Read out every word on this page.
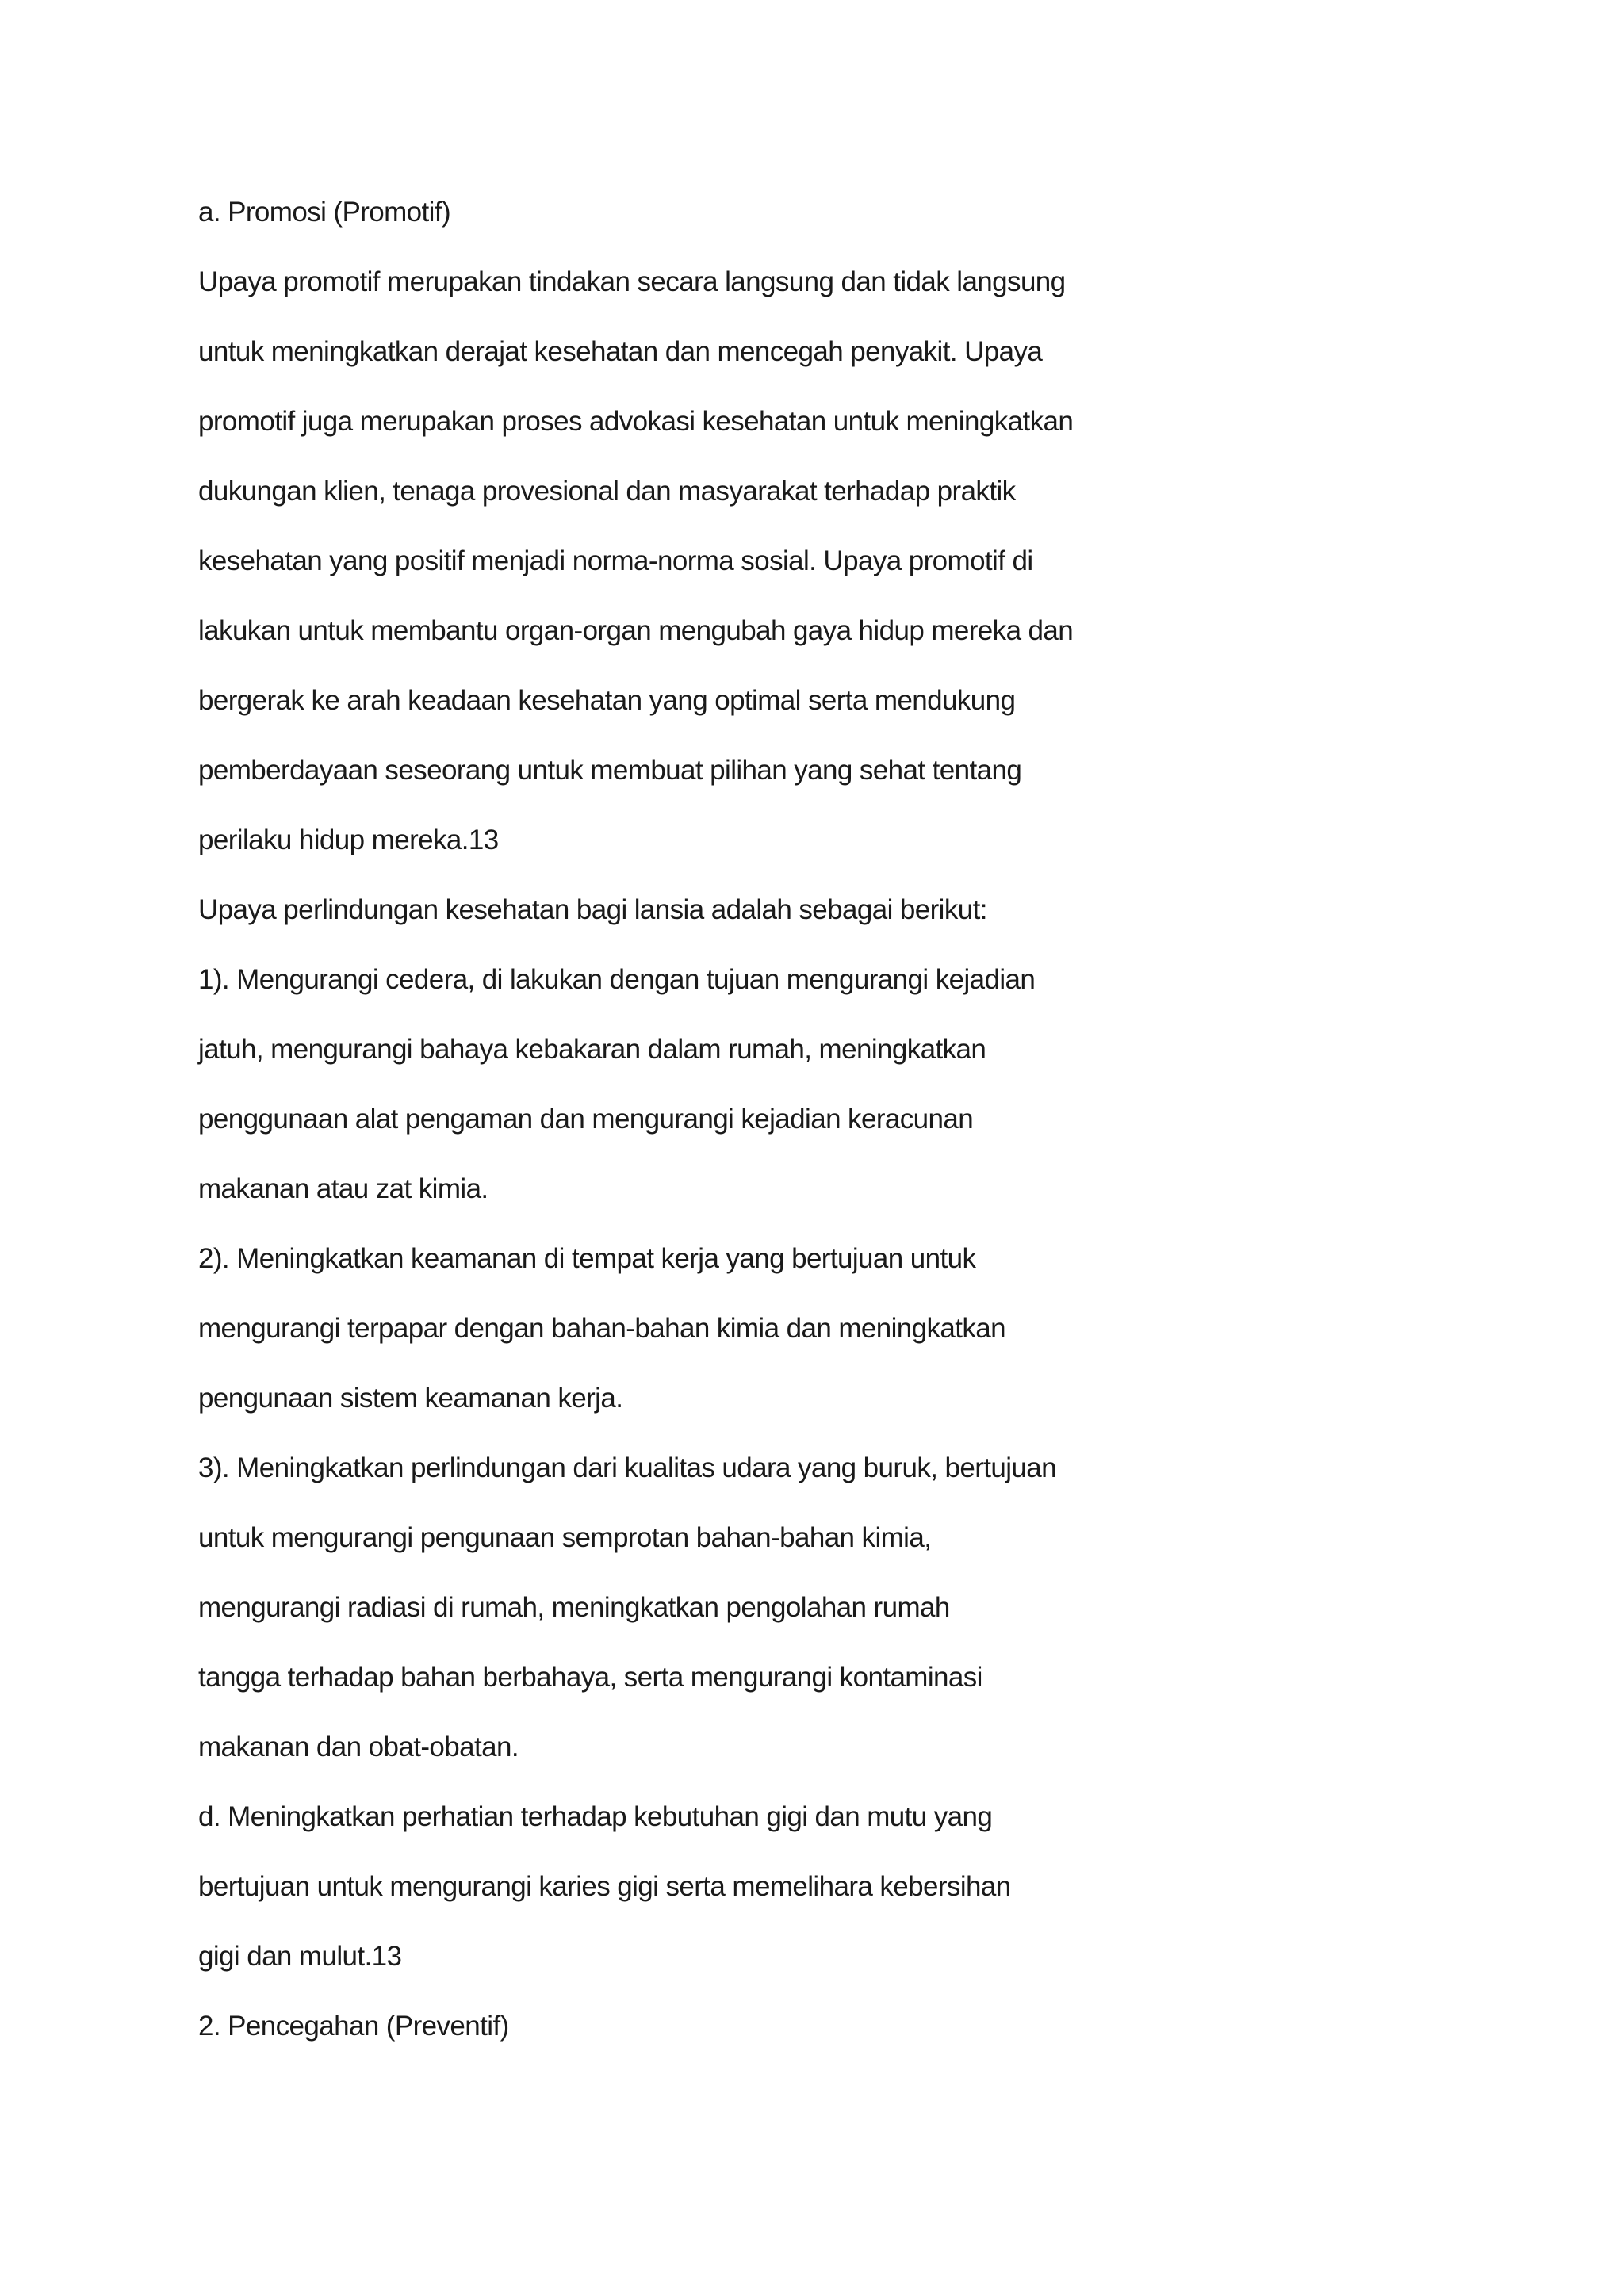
a. Promosi (Promotif)
Upaya promotif merupakan tindakan secara langsung dan tidak langsung
untuk meningkatkan derajat kesehatan dan mencegah penyakit. Upaya
promotif juga merupakan proses advokasi kesehatan untuk meningkatkan
dukungan klien, tenaga provesional dan masyarakat terhadap praktik
kesehatan yang positif menjadi norma-norma sosial. Upaya promotif di
lakukan untuk membantu organ-organ mengubah gaya hidup mereka dan
bergerak ke arah keadaan kesehatan yang optimal serta mendukung
pemberdayaan seseorang untuk membuat pilihan yang sehat tentang
perilaku hidup mereka.13
Upaya perlindungan kesehatan bagi lansia adalah sebagai berikut:
1). Mengurangi cedera, di lakukan dengan tujuan mengurangi kejadian
jatuh, mengurangi bahaya kebakaran dalam rumah, meningkatkan
penggunaan alat pengaman dan mengurangi kejadian keracunan
makanan atau zat kimia.
2). Meningkatkan keamanan di tempat kerja yang bertujuan untuk
mengurangi terpapar dengan bahan-bahan kimia dan meningkatkan
pengunaan sistem keamanan kerja.
3). Meningkatkan perlindungan dari kualitas udara yang buruk, bertujuan
untuk mengurangi pengunaan semprotan bahan-bahan kimia,
mengurangi radiasi di rumah, meningkatkan pengolahan rumah
tangga terhadap bahan berbahaya, serta mengurangi kontaminasi
makanan dan obat-obatan.
d. Meningkatkan perhatian terhadap kebutuhan gigi dan mutu yang
bertujuan untuk mengurangi karies gigi serta memelihara kebersihan
gigi dan mulut.13
2. Pencegahan (Preventif)
